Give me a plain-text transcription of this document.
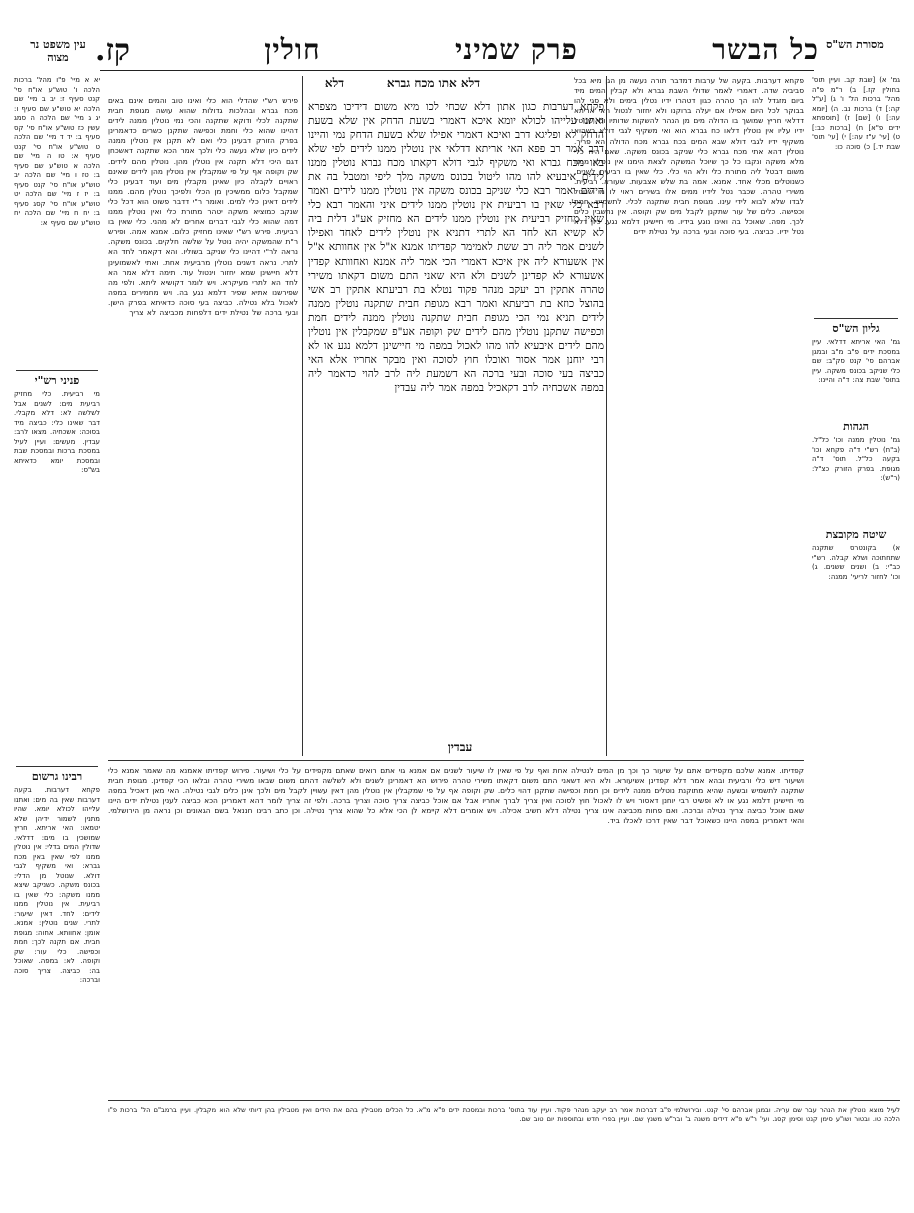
מסורת הש"ס
עין משפט נר מצוה	כל הבשר
פרק שמיני
חולין
קז.
גמ' א) [שבת קב. ועיין תוס' בחולין קז.] ב) ר"מ פ"ה מהל' ברכות הל' ו' ג) [ע"ל קה:] ד) ברכות נב. ה) [יומא עה:] ו) [שם] ז) [תוספתא ידים פ"א] ח) [ברכות כב:] ט) [עי' ע"ז עה:] י) [עי' תוס' שבת יד.] כ) סוכה כו:
גליון הש"ס
גמ' האי אריתא דדלאי. עיין במסכת ידים פ"ב מ"ב ובמגן אברהם סי' קנט סק"ב: שם כלי שניקב בכונס משקה. עיין בתוס' שבת צה: ד"ה והיינו:
הגהות
גמ' נוטלין ממנה וכו' כל"ל. (ב"ח) רש"י ד"ה פקחא וכו' בקעה כל"ל. תוס' ד"ה מגופת. בפרק הזורק כצ"ל: (ר"ש):
שיטה מקובצת
א) בקונטרס שתקנה שתחתוכה ושלא קבלה. רש"י כב"י: ב) ושנים ששנים. ג) וכו' לחזור לריעי' ממנה:
יא א מיי' פ"ו מהל' ברכות הלכה ו' טוש"ע או"ח סי' קנט סעיף ז: יב ב מיי' שם הלכה יא טוש"ע שם סעיף ו: יג ג מיי' שם הלכה ה סמג עשין כז טוש"ע או"ח סי' קס סעיף ב: יד ד מיי' שם הלכה ט טוש"ע או"ח סי' קנט סעיף א: טו ה מיי' שם הלכה א טוש"ע שם סעיף ב: טז ו מיי' שם הלכה יב טוש"ע או"ח סי' קנט סעיף ב: יז ז מיי' שם הלכה יט טוש"ע או"ח סי' קסג סעיף ב: יח ח מיי' שם הלכה יח טוש"ע שם סעיף א:
פניני רש"י
מי רביעית. כלי מחזיק רביעית מים: לשנים אבל לשלשה לא: דלא מקבלי. דבר שאינו כלי: כביצה מיד בסוכה: אשכחיה. מצאו לרב: עבדין. מעשים: ועיין לעיל במסכת ברכות ובמסכת שבת ובמסכת יומא כדאיתא בש"ס:
רבינו גרשום
פקחא דערבות. בקעה דערבות שאין בה מים: ואתנו עלייהו לכולא יומא. שהיו מתנין לשמור ידיהן שלא יטמאו: האי אריתא. חריץ שמושכין בו מים: דדלאי. שדולין המים בדלי: אין נוטלין ממנו לפי שאין באין מכח גברא: ואי משקיף לגבי דולא. שנוטל מן הדלי: בכונס משקה. כשניקב שיצא ממנו משקה: כלי שאין בו רביעית. אין נוטלין ממנו לידים: לחד. דאין שיעור: לתרי. שנים נוטלין: אמנא. אומן: אחוותא. אחוה: מגופת חבית. אם תקנה לכך: חמת וכפישה. כלי עור: שק וקופה. לא: במפה. שאוכל בה: כביצה. צריך סוכה וברכה:
פקחא דערבות. בקעה של ערבות דמדבר תורה נעשה מן הגן מיא בכל סביביה שדה. דאמרי לאמר שדולי השבת גברא ולא קבלין המים מיד ביום מזגדל להו הך טהרה כגון דטהרו ידיו נטלין בימים ולא סגי להו בבוקר לכל היום אפילו אם יעלה ברוקנו ולא יחזור לנטול האי אריתא דדלאי חריץ שמושך בו הדולה מים מן הנהר להשקות שדותיו ומי שנוטל ידיו עליו אין נוטלין דלאו כח גברא הוא ואי משקיף לגבי דולא כשהוא משקיף ידיו לגבי דולא שבא המים בכח גברא מכח הדולה הא פריך. נוטלין דהא אתי מכח גברא כלי שניקב בכונס משקה. שאם היה כלי מלא משקה ונקבו כל כך שיוכל המשקה לצאת הימנו אין נוטלין ממנו משום דבטל ליה מתורת כלי ולא הוי כלי. כלי שאין בו רביעית לשנים. כשנוטלים מכלי אחד. אמנא. אמה בת שלש אצבעות. שעורא. רביעית. משירי טהרה. שכבר נטל לידיו ממים אלו בשירים ראוי לו מי שנוטל לבדו שלא לבוא לידי עינו. מגופת חבית שתקנה לכלי. לתשמיש. חמת וכפישה. כלים של עור שתקנן לקבל מים שק וקופה. אין נחשבין כלים לכך. מפה. שאוכל בה ואינו נוגע בידיו. מי חיישינן דלמא נגע. כיון דלא נטל ידיו. כביצה. בעי סוכה ובעי ברכה על נטילת ידים
דלא אתו מכח גברא
פירש רש"י שהדלי הוא כלי ואינו טוב והמים אינם באים מכח גברא ובהלכות גדולות שהוא עושה מגופת חבית שתקנה לכלי ודוקא שתקנה והכי נמי נוטלין ממנה לידים דהיינו שהוא כלי וחמת וכפישה שתקנן כשרים כדאמרינן בפרק הזורק דבעינן כלי ואם לא תקנן אין נוטלין ממנה לידים כיון שלא נעשה כלי ולכך אמר הכא שתקנה דאשכחן דגם היכי דלא תקנה אין נוטלין מהן. נוטלין מהם לידים. שק וקופה אף על פי שמקבלין אין נוטלין מהן לידים שאינם ראויים לקבלה כיון שאינן מקבלין מים ועוד דבעינן כלי שמקבל כלום ממשיכין מן הכלי ולפיכך נוטלין מהם. ממנו לידים דאינן כלי למים. ואומר ר"י דדבר פשוט הוא דכל כלי שנקב כמוציא משקה יטהר מתורת כלי ואין נוטלין ממנו דמה שהוא כלי לגבי דברים אחרים לא מהני. כלי שאין בו רביעית. פירש רש"י שאינו מחזיק כלום. אמנא אמה. ופירש ר"ת שהמשקה יהיה נוטל על שלשה חלקים. בכונס משקה. נראה לר"י דהיינו כלי שניקב בשוליו. והא דקאמר לחד הא לתרי. נראה דשנים נוטלין מרביעית אחת. ואתי לאשמועינן דלא חיישינן שמא יחזור וינטול עוד. תימה דלא אמר הא לחד הא לתרי מעיקרא. ויש לומר דקושיא ליתא. ולפי מה שפירשנו אתיא שפיר דלמא נגע בה. ויש מחמירים במפה לאכול בלא נטילה. כביצה בעי סוכה כדאיתא בפרק הישן. ובעי ברכה של נטילת ידים דלפחות מכביצה לא צריך
דלא
פקחא דערבות כגון אתון דלא שכחי לכו מיא משום דידיכו מצפרא ואתנו עלייהו לכולא יומא איכא דאמרי בשעת הדחק אין שלא בשעת הדחק לא ופליגא דרב ואיכא דאמרי אפילו שלא בשעת הדחק נמי והיינו דרב אמר רב פפא האי אריתא דדלאי אין נוטלין ממנו לידים לפי שלא באו מכח גברא ואי משקיף לגבי דולא דקאתו מכח גברא נוטלין ממנו לידים איבעיא להו מהו ליטול בכונס משקה מלך ליפי ומטבל בה את הידים ואמר רבא כלי שניקב בכונס משקה אין נוטלין ממנו לידים ואמר רבא כלי שאין בו רביעית אין נוטלין ממנו לידים איני והאמר רבא כלי שאין מחזיק רביעית אין נוטלין ממנו לידים הא מחזיק אע"ג דלית ביה לא קשיא הא לחד הא לתרי דתניא אין נוטלין לידים לאחד ואפילו לשנים אמר ליה רב ששת לאמימר קפדיתו אמנא א"ל אין אחוותא א"ל אין אשעורא ליה אין איכא דאמרי הכי אמר ליה אמנא ואחוותא קפדין אשעורא לא קפדינן לשנים ולא היא שאני התם משום דקאתו משירי טהרה אתקין רב יעקב מנהר פקוד נטלא בת רביעתא אתקין רב אשי בהוצל כוזא בת רביעתא ואמר רבא מגופת חבית שתקנה נוטלין ממנה לידים תניא נמי הכי מגופת חבית שתקנה נוטלין ממנה לידים חמת וכפישה שתקנן נוטלין מהם לידים שק וקופה אע"פ שמקבלין אין נוטלין מהם לידים איבעיא להו מהו לאכול במפה מי חיישינן דלמא נגע או לא רבי יוחנן אמר אסור ואוכלו חוץ לסוכה ואין מבקר אחריו אלא האי כביצה בעי סוכה ובעי ברכה הא דשמעת ליה לרב להוי כדאמר ליה במפה אשכחיה לרב דקאכיל במפה אמר ליה עבדין
עבדין
קפדיתו. אמנא שלכם מקפידים אתם על שיעור כך וכך מן המים לנטילה אחת ואף על פי שאין לו שיעור לשנים אם אמנא גוי אתם רואים שאתם מקפידים על כלי ושיעור. פירוש קפדיתו אאמנא מה שאמר אמנא כלי ושיעור דיש כלי ורביעית ובהא אמר דלא קפדינן אשיעורא. ולא היא דשאני התם משום דקאתו משירי טהרה פירוש הא דאמרינן לשנים ולא לשלשה דהתם משום שבאו משירי טהרה ובלאו הכי קפדינן. מגופת חבית שתקנה לתשמיש ובשעה שהיא מתוקנת נוטלים ממנה לידים וכן חמת וכפישה שתקנן דהוי כלים. שק וקופה אף על פי שמקבלין אין נוטלין מהן דאין עשויין לקבל מים ולכך אינן כלים לגבי נטילה. האי מאן דאכיל במפה מי חיישינן דלמא נגע או לא ופשיט רבי יוחנן דאסור ויש לו לאכול חוץ לסוכה ואין צריך לברך אחריו אבל אם אוכל כביצה צריך סוכה וצריך ברכה. ולפי זה צריך לומר דהא דאמרינן הכא כביצה לענין נטילת ידים היינו שאם אוכל כביצה צריך נטילה וברכה. ואם פחות מכביצה אינו צריך נטילה דלא חשיב אכילה. ויש אומרים דלא קיימא לן הכי אלא כל שהוא צריך נטילה. וכן כתב רבינו חננאל בשם הגאונים וכן נראה מן הירושלמי. והאי דאמרינן במפה היינו כשאוכל דבר שאין דרכו לאכלו ביד.
לעיל מוצא נוטלין את הנהר עבר שם עריה. ובמגן אברהם סי' קנט. ובירושלמי פ"ב דברכות אמר רב יעקב מנהר פקוד. ועיין עוד בתוס' ברכות ובמסכת ידים פ"א מ"א. כל הכלים מטבילין בהם את הידים ואין מטבילין בהן דיותי שלא הוא מקבלין. ועיין ברמב"ם הל' ברכות פ"ו הלכה טו. ובטור ושו"ע סימן קנט וסימן קסג. ועי' ר"ש פ"א דידים משנה ב' ובר"ש משנץ שם. ועיין בפרי חדש ובתוספות יום טוב שם.
